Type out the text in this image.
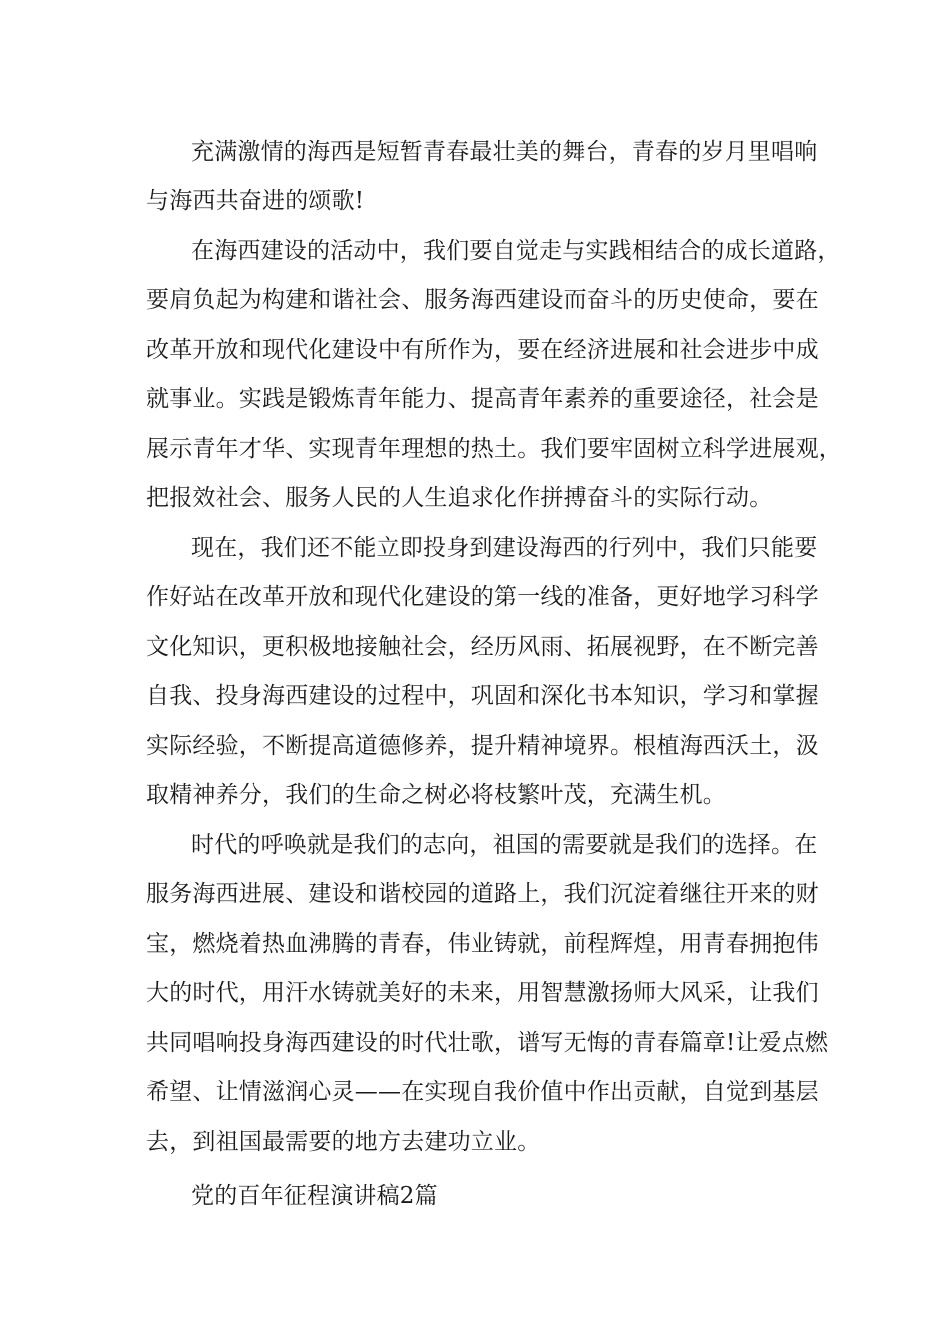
充满激情的海西是短暂青春最壮美的舞台，青春的岁月里唱响
与海西共奋进的颂歌!
在海西建设的活动中，我们要自觉走与实践相结合的成长道路，
要肩负起为构建和谐社会、服务海西建设而奋斗的历史使命，要在
改革开放和现代化建设中有所作为，要在经济进展和社会进步中成
就事业。实践是锻炼青年能力、提高青年素养的重要途径，社会是
展示青年才华、实现青年理想的热土。我们要牢固树立科学进展观，
把报效社会、服务人民的人生追求化作拼搏奋斗的实际行动。
现在，我们还不能立即投身到建设海西的行列中，我们只能要
作好站在改革开放和现代化建设的第一线的准备，更好地学习科学
文化知识，更积极地接触社会，经历风雨、拓展视野，在不断完善
自我、投身海西建设的过程中，巩固和深化书本知识，学习和掌握
实际经验，不断提高道德修养，提升精神境界。根植海西沃土，汲
取精神养分，我们的生命之树必将枝繁叶茂，充满生机。
时代的呼唤就是我们的志向，祖国的需要就是我们的选择。在
服务海西进展、建设和谐校园的道路上，我们沉淀着继往开来的财
宝，燃烧着热血沸腾的青春，伟业铸就，前程辉煌，用青春拥抱伟
大的时代，用汗水铸就美好的未来，用智慧激扬师大风采，让我们
共同唱响投身海西建设的时代壮歌，谱写无悔的青春篇章!让爱点燃
希望、让情滋润心灵——在实现自我价值中作出贡献，自觉到基层
去，到祖国最需要的地方去建功立业。
党的百年征程演讲稿2篇
